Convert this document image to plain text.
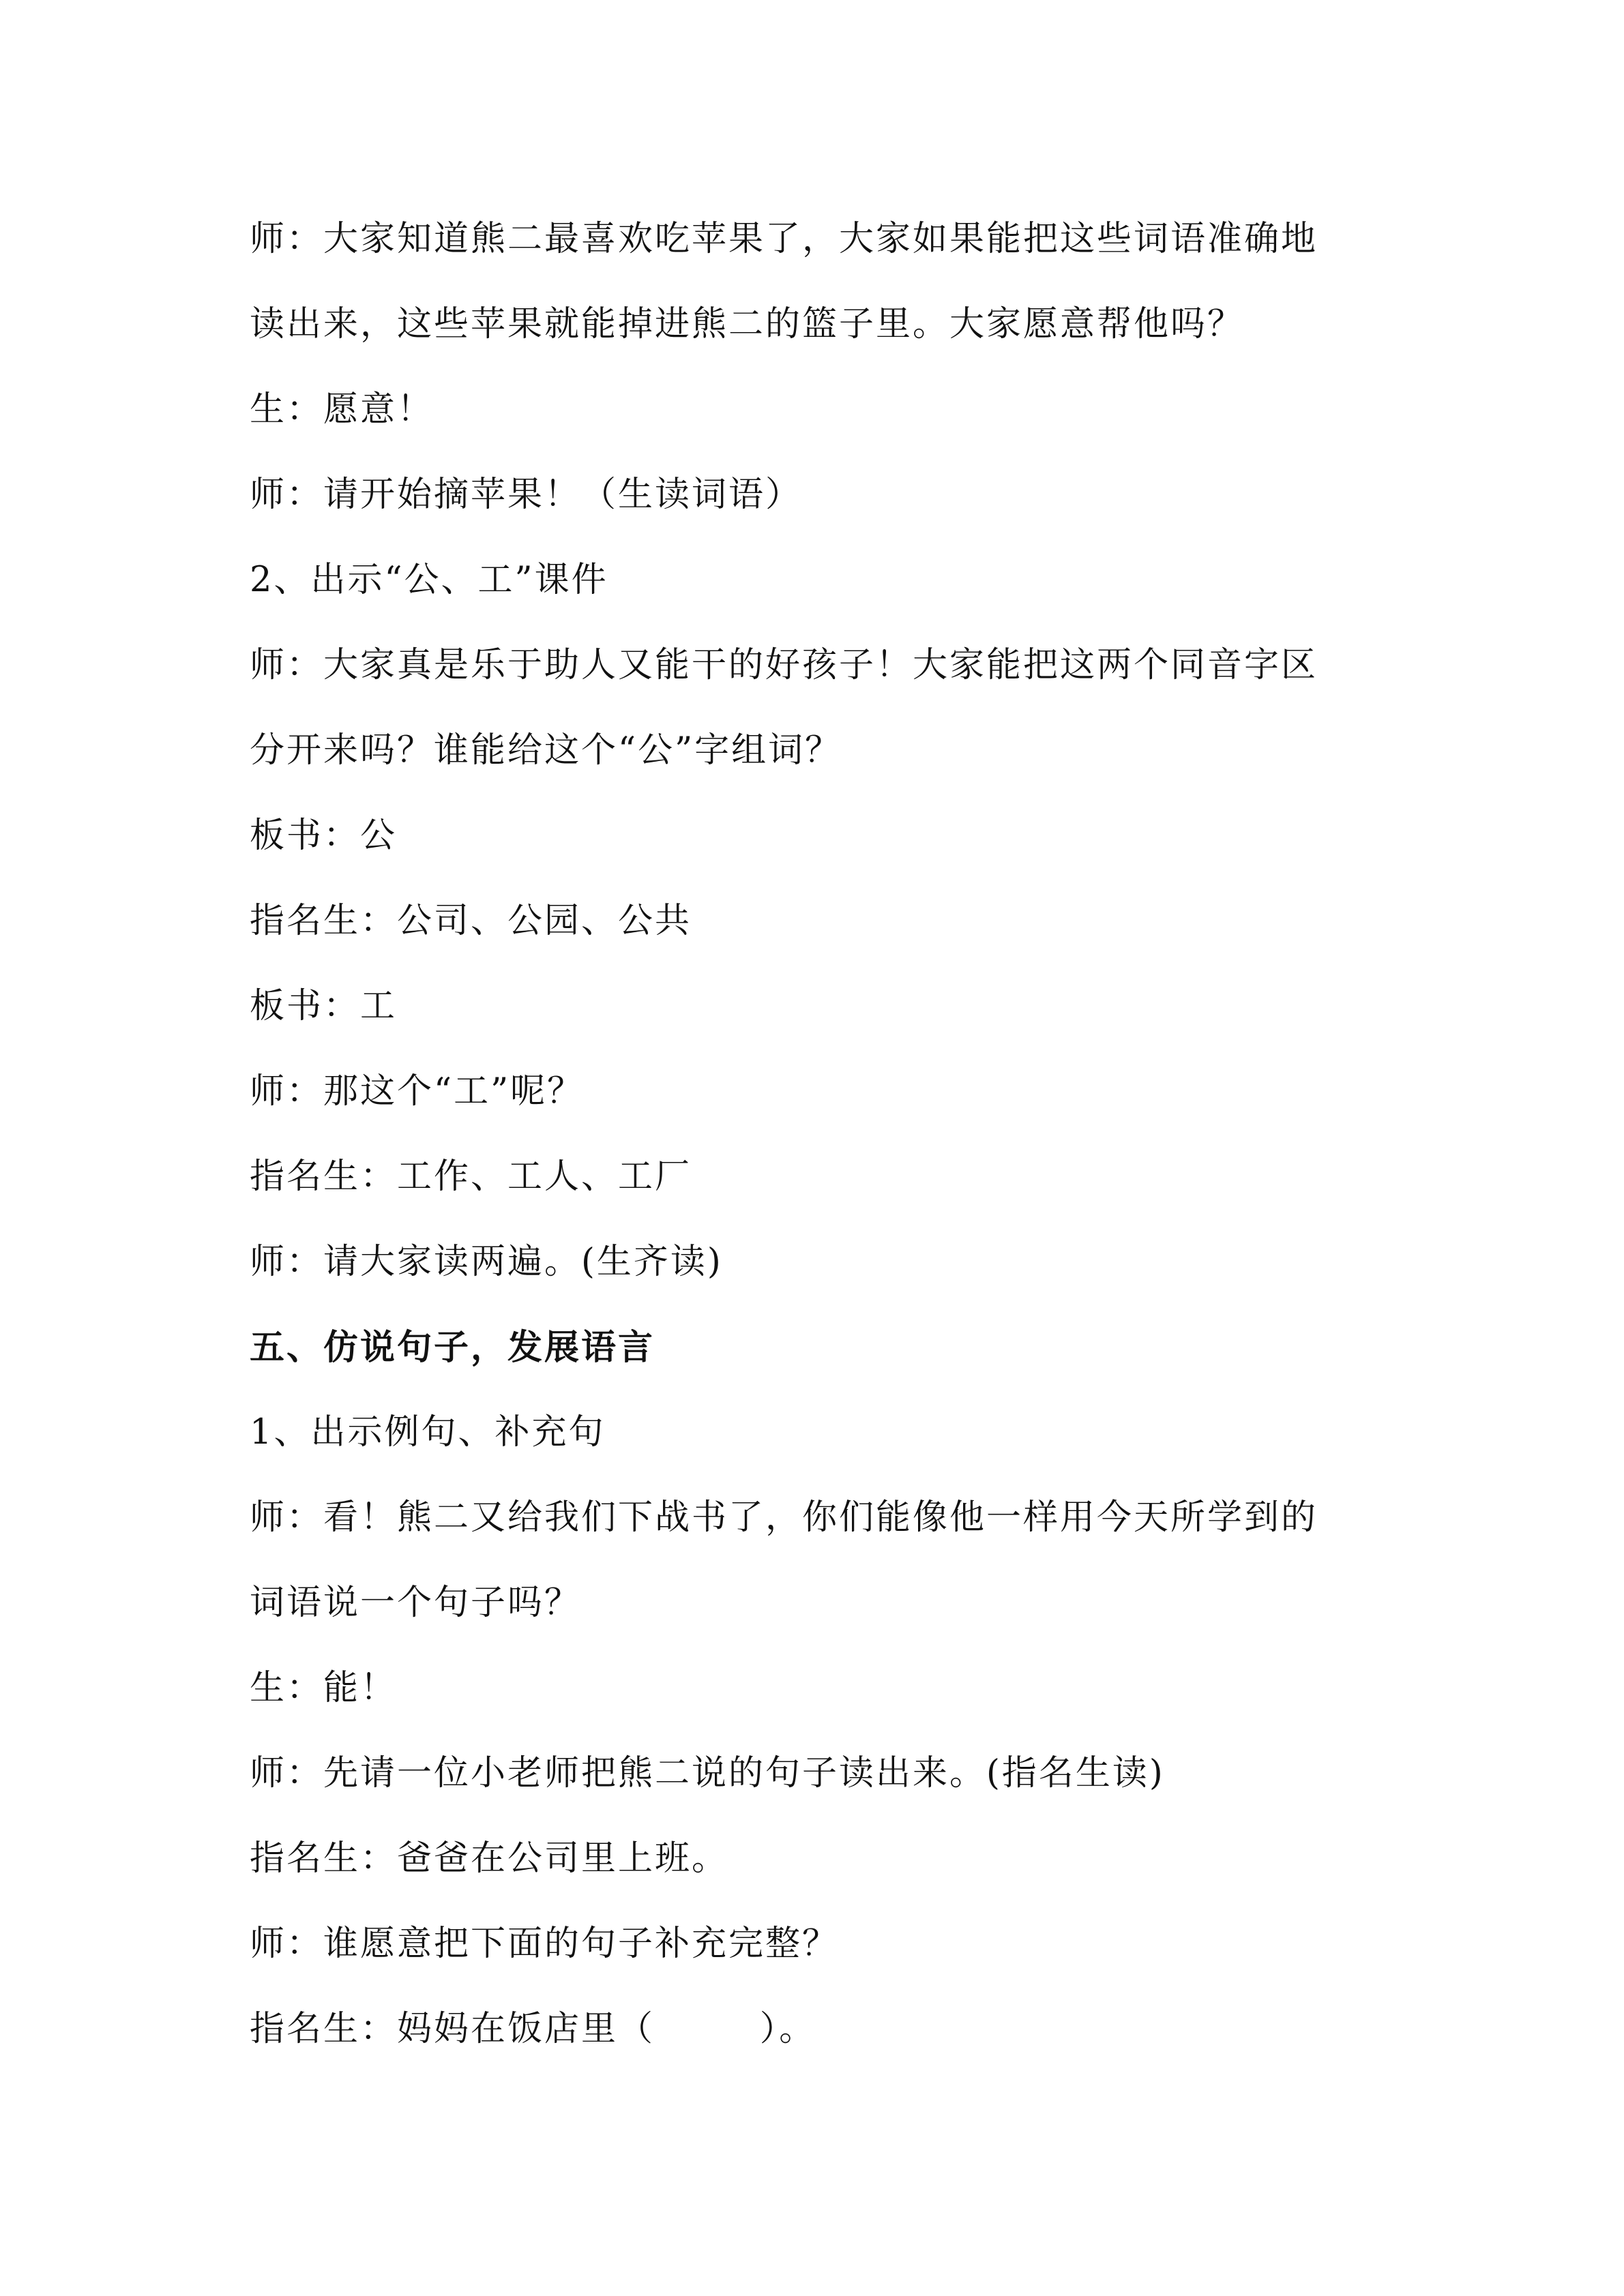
师：大家知道熊二最喜欢吃苹果了，大家如果能把这些词语准确地
读出来，这些苹果就能掉进熊二的篮子里。大家愿意帮他吗？
生：愿意！
师：请开始摘苹果！（生读词语）
2、出示“公、工”课件
师：大家真是乐于助人又能干的好孩子！大家能把这两个同音字区
分开来吗？谁能给这个“公”字组词？
板书：公
指名生：公司、公园、公共
板书：工
师：那这个“工”呢？
指名生：工作、工人、工厂
师：请大家读两遍。(生齐读)
五、仿说句子，发展语言
1、出示例句、补充句
师：看！熊二又给我们下战书了，你们能像他一样用今天所学到的
词语说一个句子吗？
生：能！
师：先请一位小老师把熊二说的句子读出来。(指名生读)
指名生：爸爸在公司里上班。
师：谁愿意把下面的句子补充完整？
指名生：妈妈在饭店里（        ）。
